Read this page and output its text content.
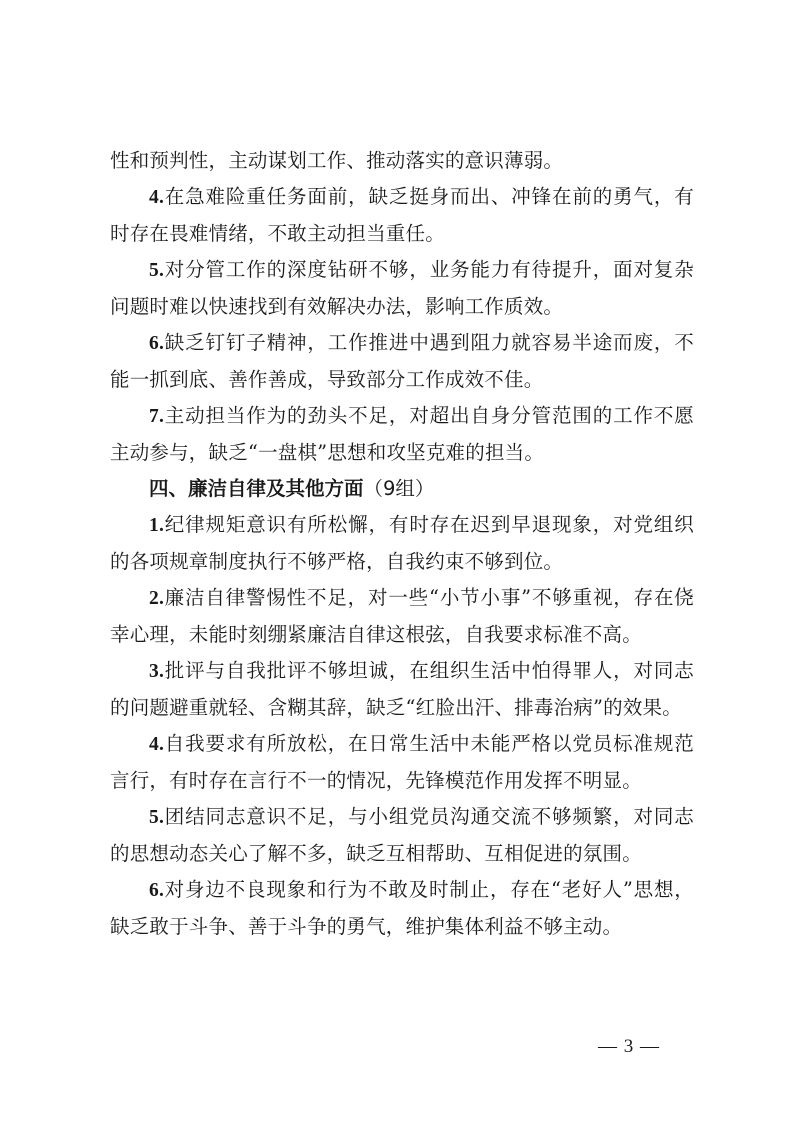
性和预判性，主动谋划工作、推动落实的意识薄弱。

4.在急难险重任务面前，缺乏挺身而出、冲锋在前的勇气，有时存在畏难情绪，不敢主动担当重任。

5.对分管工作的深度钻研不够，业务能力有待提升，面对复杂问题时难以快速找到有效解决办法，影响工作质效。

6.缺乏钉钉子精神，工作推进中遇到阻力就容易半途而废，不能一抓到底、善作善成，导致部分工作成效不佳。

7.主动担当作为的劲头不足，对超出自身分管范围的工作不愿主动参与，缺乏“一盘棋”思想和攻坚克难的担当。

四、廉洁自律及其他方面（9组）

1.纪律规矩意识有所松懈，有时存在迟到早退现象，对党组织的各项规章制度执行不够严格，自我约束不够到位。

2.廉洁自律警惕性不足，对一些“小节小事”不够重视，存在侥幸心理，未能时刻绷紧廉洁自律这根弦，自我要求标准不高。

3.批评与自我批评不够坦诚，在组织生活中怕得罪人，对同志的问题避重就轻、含糊其辞，缺乏“红脸出汗、排毒治病”的效果。

4.自我要求有所放松，在日常生活中未能严格以党员标准规范言行，有时存在言行不一的情况，先锋模范作用发挥不明显。

5.团结同志意识不足，与小组党员沟通交流不够频繁，对同志的思想动态关心了解不多，缺乏互相帮助、互相促进的氛围。

6.对身边不良现象和行为不敢及时制止，存在“老好人”思想，缺乏敢于斗争、善于斗争的勇气，维护集体利益不够主动。

— 3 —
